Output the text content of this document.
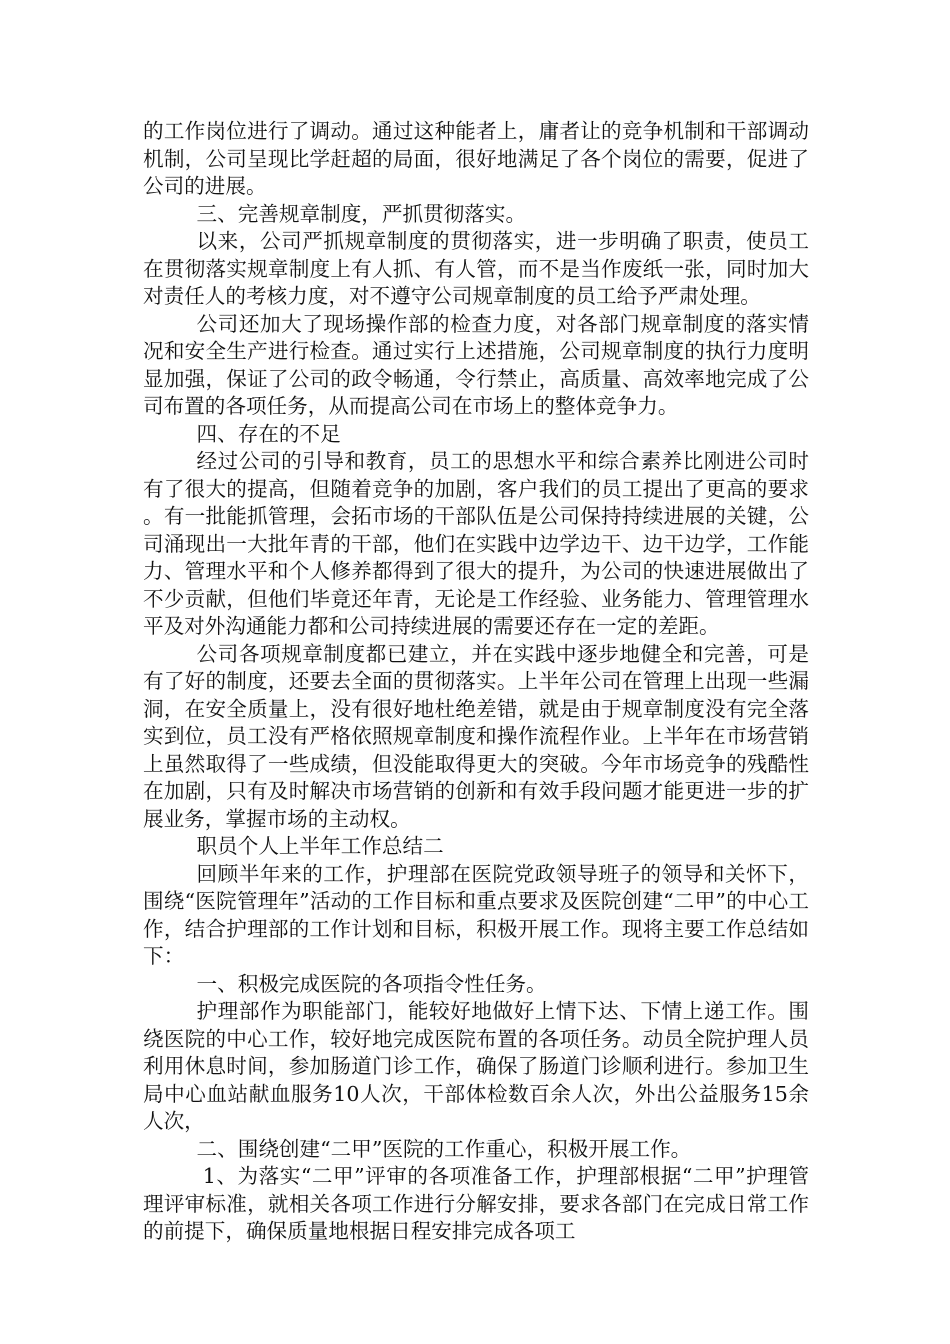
的工作岗位进行了调动。通过这种能者上，庸者让的竞争机制和干部调动机制，公司呈现比学赶超的局面，很好地满足了各个岗位的需要，促进了公司的进展。

三、完善规章制度，严抓贯彻落实。

以来，公司严抓规章制度的贯彻落实，进一步明确了职责，使员工在贯彻落实规章制度上有人抓、有人管，而不是当作废纸一张，同时加大对责任人的考核力度，对不遵守公司规章制度的员工给予严肃处理。

公司还加大了现场操作部的检查力度，对各部门规章制度的落实情况和安全生产进行检查。通过实行上述措施，公司规章制度的执行力度明显加强，保证了公司的政令畅通，令行禁止，高质量、高效率地完成了公司布置的各项任务，从而提高公司在市场上的整体竞争力。

四、存在的不足

经过公司的引导和教育，员工的思想水平和综合素养比刚进公司时有了很大的提高，但随着竞争的加剧，客户我们的员工提出了更高的要求。有一批能抓管理，会拓市场的干部队伍是公司保持持续进展的关键，公司涌现出一大批年青的干部，他们在实践中边学边干、边干边学，工作能力、管理水平和个人修养都得到了很大的提升，为公司的快速进展做出了不少贡献，但他们毕竟还年青，无论是工作经验、业务能力、管理管理水平及对外沟通能力都和公司持续进展的需要还存在一定的差距。

公司各项规章制度都已建立，并在实践中逐步地健全和完善，可是有了好的制度，还要去全面的贯彻落实。上半年公司在管理上出现一些漏洞，在安全质量上，没有很好地杜绝差错，就是由于规章制度没有完全落实到位，员工没有严格依照规章制度和操作流程作业。上半年在市场营销上虽然取得了一些成绩，但没能取得更大的突破。今年市场竞争的残酷性在加剧，只有及时解决市场营销的创新和有效手段问题才能更进一步的扩展业务，掌握市场的主动权。

职员个人上半年工作总结二

回顾半年来的工作，护理部在医院党政领导班子的领导和关怀下，围绕“医院管理年”活动的工作目标和重点要求及医院创建“二甲”的中心工作，结合护理部的工作计划和目标，积极开展工作。现将主要工作总结如下：

一、积极完成医院的各项指令性任务。

护理部作为职能部门，能较好地做好上情下达、下情上递工作。围绕医院的中心工作，较好地完成医院布置的各项任务。动员全院护理人员利用休息时间，参加肠道门诊工作，确保了肠道门诊顺利进行。参加卫生局中心血站献血服务10人次，干部体检数百余人次，外出公益服务15余人次，

二、围绕创建“二甲”医院的工作重心，积极开展工作。

1、为落实“二甲”评审的各项准备工作，护理部根据“二甲”护理管理评审标准，就相关各项工作进行分解安排，要求各部门在完成日常工作的前提下，确保质量地根据日程安排完成各项工
